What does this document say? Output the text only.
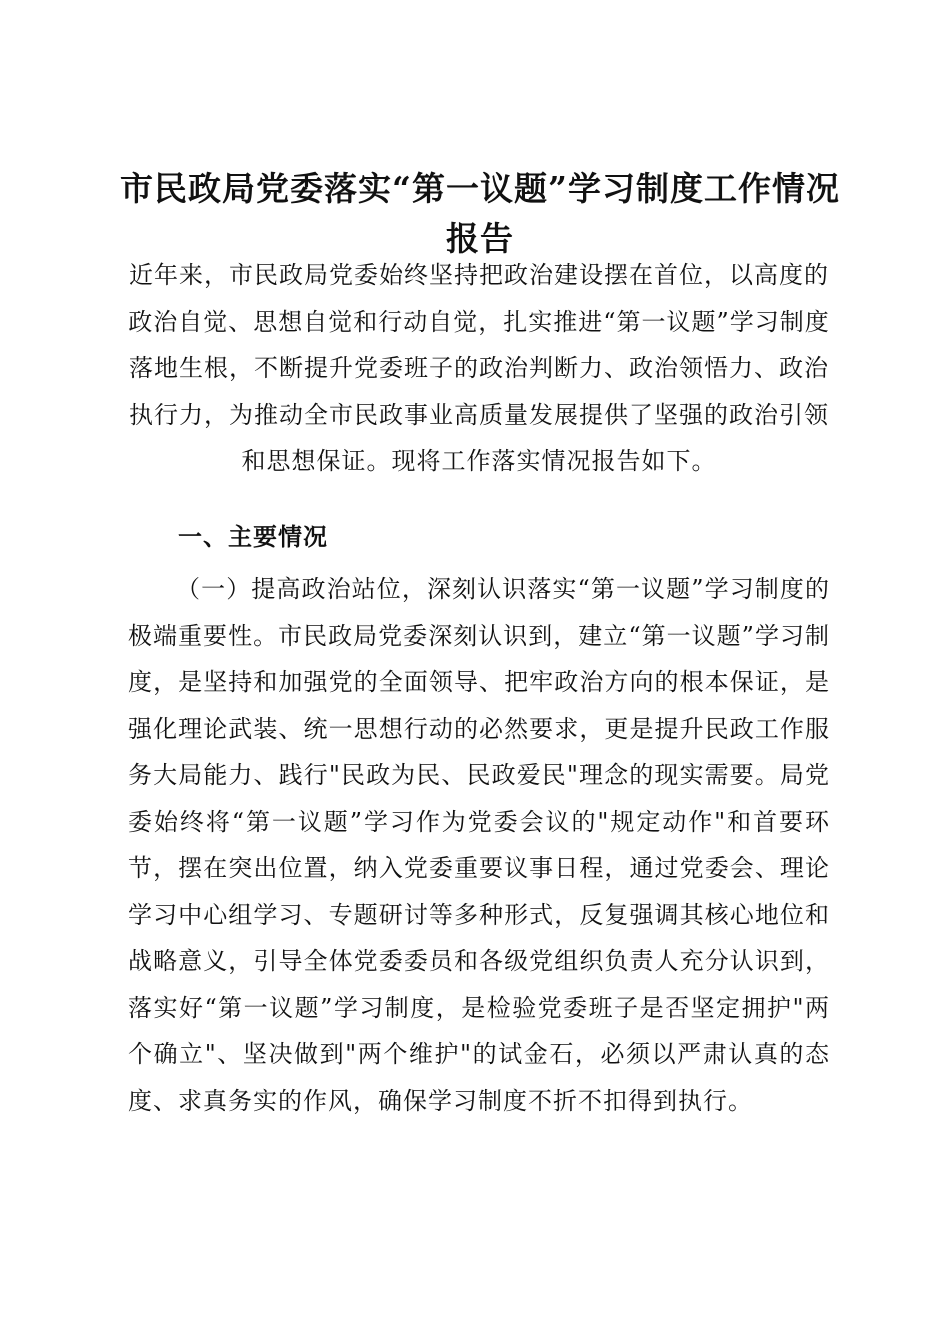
市民政局党委落实“第一议题”学习制度工作情况报告
近年来，市民政局党委始终坚持把政治建设摆在首位，以高度的政治自觉、思想自觉和行动自觉，扎实推进“第一议题”学习制度落地生根，不断提升党委班子的政治判断力、政治领悟力、政治执行力，为推动全市民政事业高质量发展提供了坚强的政治引领和思想保证。现将工作落实情况报告如下。
一、主要情况
（一）提高政治站位，深刻认识落实“第一议题”学习制度的极端重要性。市民政局党委深刻认识到，建立“第一议题”学习制度，是坚持和加强党的全面领导、把牢政治方向的根本保证，是强化理论武装、统一思想行动的必然要求，更是提升民政工作服务大局能力、践行"民政为民、民政爱民"理念的现实需要。局党委始终将“第一议题”学习作为党委会议的"规定动作"和首要环节，摆在突出位置，纳入党委重要议事日程，通过党委会、理论学习中心组学习、专题研讨等多种形式，反复强调其核心地位和战略意义，引导全体党委委员和各级党组织负责人充分认识到，落实好“第一议题”学习制度，是检验党委班子是否坚定拥护"两个确立"、坚决做到"两个维护"的试金石，必须以严肃认真的态度、求真务实的作风，确保学习制度不折不扣得到执行。
